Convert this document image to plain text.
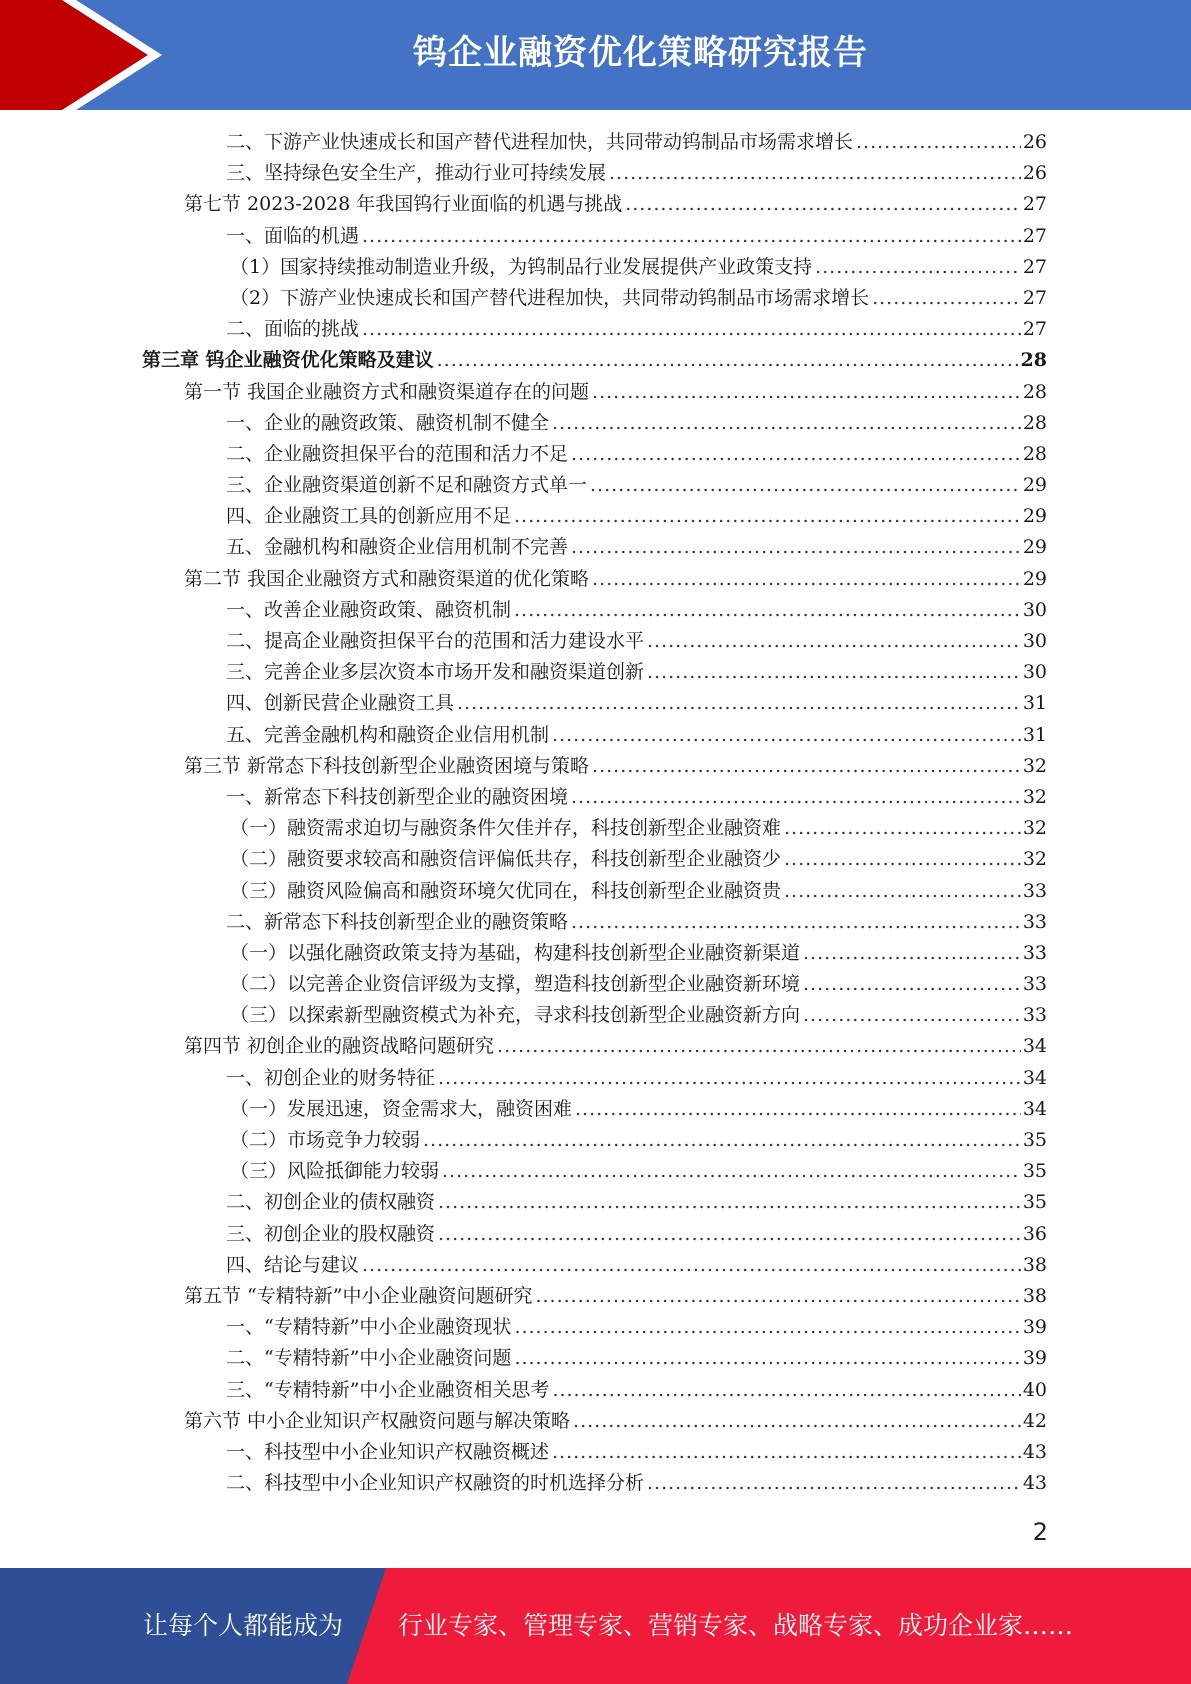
钨企业融资优化策略研究报告
二、下游产业快速成长和国产替代进程加快，共同带动钨制品市场需求增长 .....	26
三、坚持绿色安全生产，推动行业可持续发展 .....	26
第七节 2023-2028 年我国钨行业面临的机遇与挑战 .....	27
一、面临的机遇 .....	27
（1）国家持续推动制造业升级，为钨制品行业发展提供产业政策支持 .....	27
（2）下游产业快速成长和国产替代进程加快，共同带动钨制品市场需求增长 .....	27
二、面临的挑战 .....	27
第三章 钨企业融资优化策略及建议 .....	28
第一节 我国企业融资方式和融资渠道存在的问题 .....	28
一、企业的融资政策、融资机制不健全 .....	28
二、企业融资担保平台的范围和活力不足 .....	28
三、企业融资渠道创新不足和融资方式单一 .....	29
四、企业融资工具的创新应用不足 .....	29
五、金融机构和融资企业信用机制不完善 .....	29
第二节 我国企业融资方式和融资渠道的优化策略 .....	29
一、改善企业融资政策、融资机制 .....	30
二、提高企业融资担保平台的范围和活力建设水平 .....	30
三、完善企业多层次资本市场开发和融资渠道创新 .....	30
四、创新民营企业融资工具 .....	31
五、完善金融机构和融资企业信用机制 .....	31
第三节 新常态下科技创新型企业融资困境与策略 .....	32
一、新常态下科技创新型企业的融资困境 .....	32
（一）融资需求迫切与融资条件欠佳并存，科技创新型企业融资难 .....	32
（二）融资要求较高和融资信评偏低共存，科技创新型企业融资少 .....	32
（三）融资风险偏高和融资环境欠优同在，科技创新型企业融资贵 .....	33
二、新常态下科技创新型企业的融资策略 .....	33
（一）以强化融资政策支持为基础，构建科技创新型企业融资新渠道 .....	33
（二）以完善企业资信评级为支撑，塑造科技创新型企业融资新环境 .....	33
（三）以探索新型融资模式为补充，寻求科技创新型企业融资新方向 .....	33
第四节 初创企业的融资战略问题研究 .....	34
一、初创企业的财务特征 .....	34
（一）发展迅速，资金需求大，融资困难 .....	34
（二）市场竞争力较弱 .....	35
（三）风险抵御能力较弱 .....	35
二、初创企业的债权融资 .....	35
三、初创企业的股权融资 .....	36
四、结论与建议 .....	38
第五节 “专精特新”中小企业融资问题研究 .....	38
一、“专精特新”中小企业融资现状 .....	39
二、“专精特新”中小企业融资问题 .....	39
三、“专精特新”中小企业融资相关思考 .....	40
第六节 中小企业知识产权融资问题与解决策略 .....	42
一、科技型中小企业知识产权融资概述 .....	43
二、科技型中小企业知识产权融资的时机选择分析 .....	43
2
让每个人都能成为 行业专家、管理专家、营销专家、战略专家、成功企业家……
